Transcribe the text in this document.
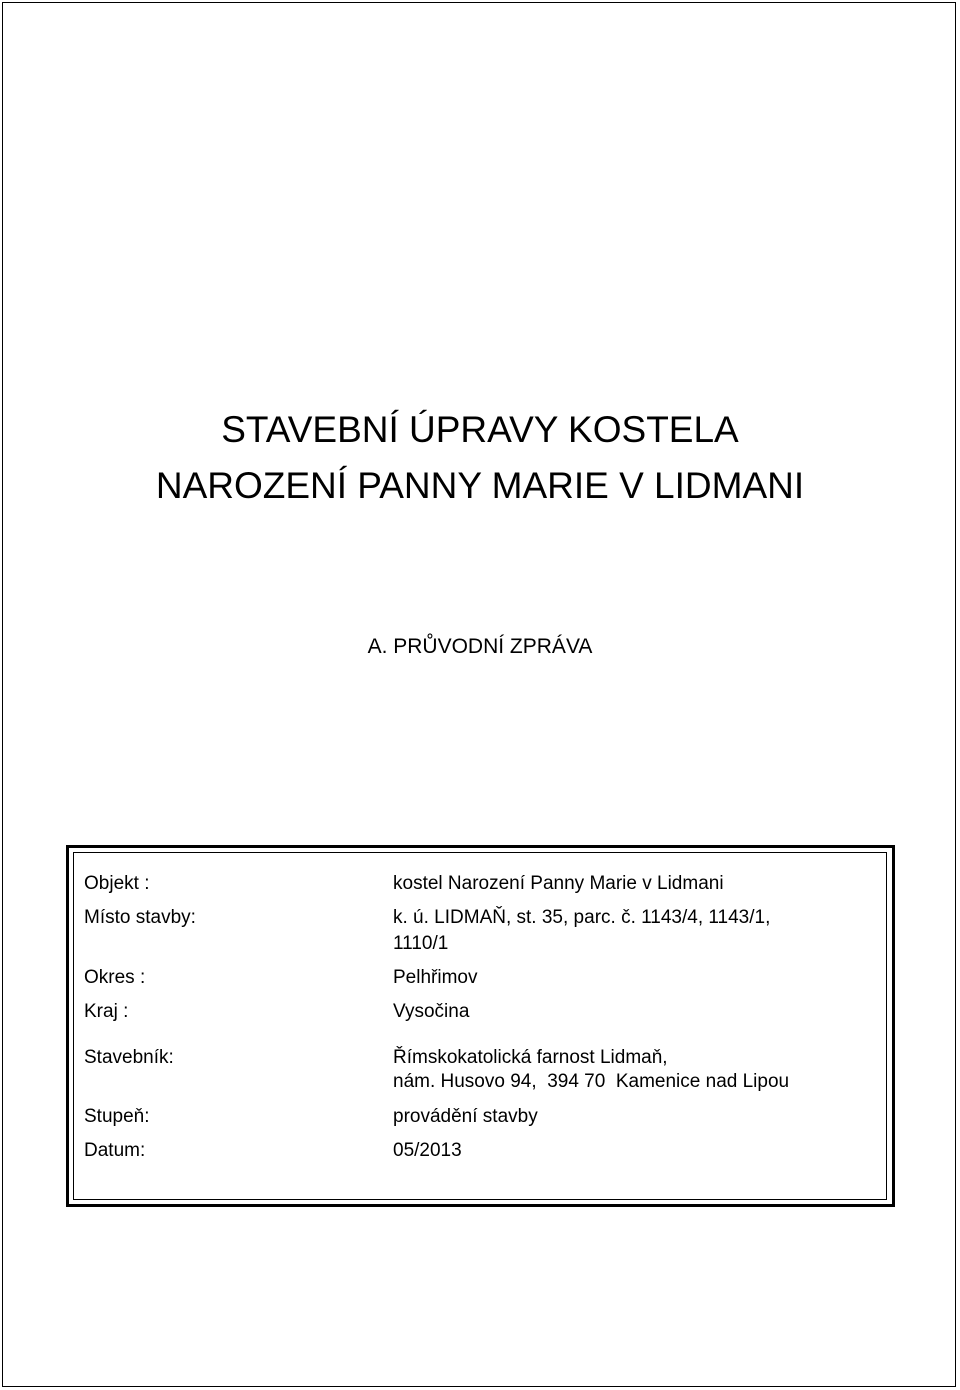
STAVEBNÍ ÚPRAVY KOSTELA
NAROZENÍ PANNY MARIE V LIDMANI
A. PRŮVODNÍ ZPRÁVA
Objekt :	kostel Narození Panny Marie v Lidmani
Místo stavby:	k. ú. LIDMAŇ, st. 35, parc. č. 1143/4, 1143/1,
1110/1
Okres :	Pelhřimov
Kraj :	Vysočina
Stavebník:	Římskokatolická farnost Lidmaň,
nám. Husovo 94,  394 70  Kamenice nad Lipou
Stupeň:	provádění stavby
Datum:	05/2013
